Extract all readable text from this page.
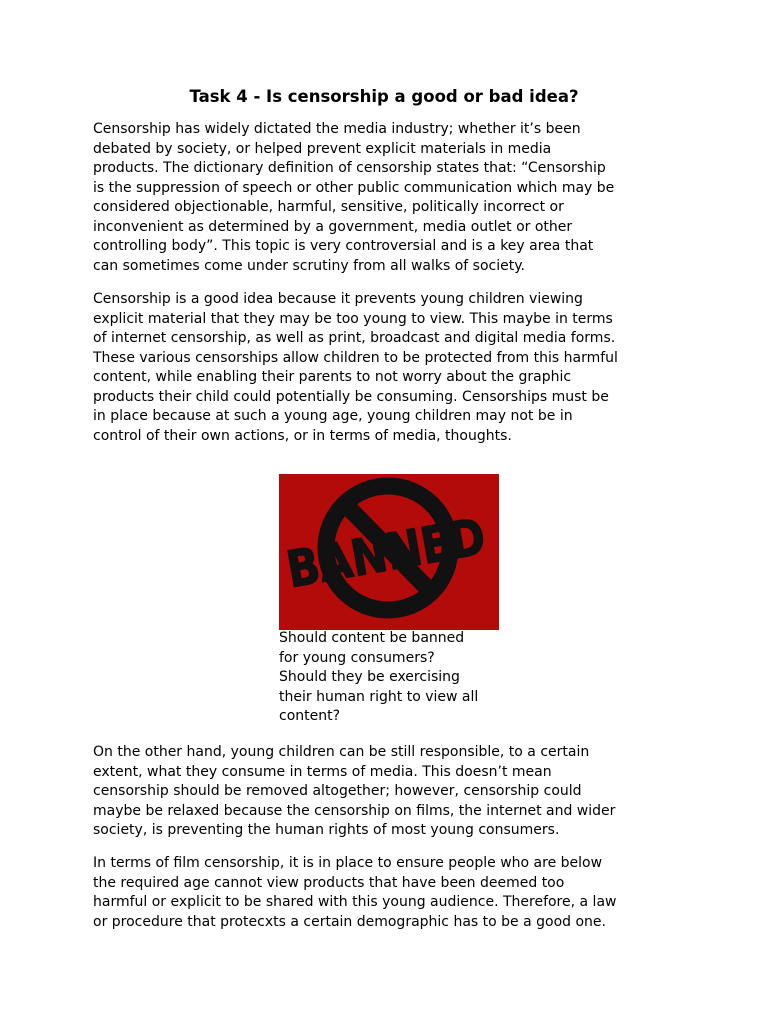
Task 4 - Is censorship a good or bad idea?

Censorship has widely dictated the media industry; whether it’s been
debated by society, or helped prevent explicit materials in media
products. The dictionary definition of censorship states that: “Censorship
is the suppression of speech or other public communication which may be
considered objectionable, harmful, sensitive, politically incorrect or
inconvenient as determined by a government, media outlet or other
controlling body”. This topic is very controversial and is a key area that
can sometimes come under scrutiny from all walks of society.

Censorship is a good idea because it prevents young children viewing
explicit material that they may be too young to view. This maybe in terms
of internet censorship, as well as print, broadcast and digital media forms.
These various censorships allow children to be protected from this harmful
content, while enabling their parents to not worry about the graphic
products their child could potentially be consuming. Censorships must be
in place because at such a young age, young children may not be in
control of their own actions, or in terms of media, thoughts.

BANNED

Should content be banned
for young consumers?
Should they be exercising
their human right to view all
content?

On the other hand, young children can be still responsible, to a certain
extent, what they consume in terms of media. This doesn’t mean
censorship should be removed altogether; however, censorship could
maybe be relaxed because the censorship on films, the internet and wider
society, is preventing the human rights of most young consumers.

In terms of film censorship, it is in place to ensure people who are below
the required age cannot view products that have been deemed too
harmful or explicit to be shared with this young audience. Therefore, a law
or procedure that protecxts a certain demographic has to be a good one.
